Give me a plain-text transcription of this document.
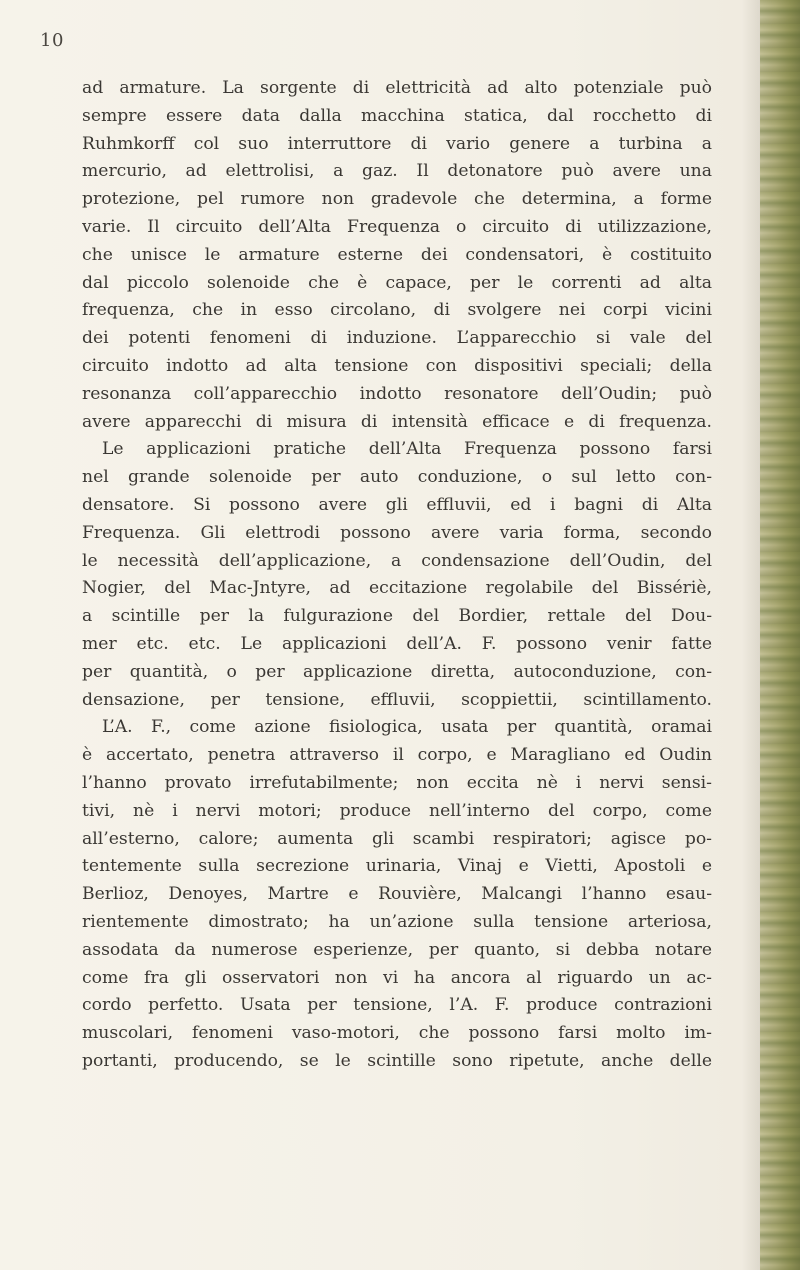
10
ad armature. La sorgente di elettricità ad alto potenziale può
sempre essere data dalla macchina statica, dal rocchetto di
Ruhmkorff col suo interruttore di vario genere a turbina a
mercurio, ad elettrolisi, a gaz. Il detonatore può avere una
protezione, pel rumore non gradevole che determina, a forme
varie. Il circuito dell’Alta Frequenza o circuito di utilizzazione,
che unisce le armature esterne dei condensatori, è costituito
dal piccolo solenoide che è capace, per le correnti ad alta
frequenza, che in esso circolano, di svolgere nei corpi vicini
dei potenti fenomeni di induzione. L’apparecchio si vale del
circuito indotto ad alta tensione con dispositivi speciali; della
resonanza coll’apparecchio indotto resonatore dell’Oudin; può
avere apparecchi di misura di intensità efficace e di frequenza.
Le applicazioni pratiche dell’Alta Frequenza possono farsi
nel grande solenoide per auto conduzione, o sul letto con-
densatore. Si possono avere gli effluvii, ed i bagni di Alta
Frequenza. Gli elettrodi possono avere varia forma, secondo
le necessità dell’applicazione, a condensazione dell’Oudin, del
Nogier, del Mac-Jntyre, ad eccitazione regolabile del Bissériè,
a scintille per la fulgurazione del Bordier, rettale del Dou-
mer etc. etc. Le applicazioni dell’A. F. possono venir fatte
per quantità, o per applicazione diretta, autoconduzione, con-
densazione, per tensione, effluvii, scoppiettii, scintillamento.
L’A. F., come azione fisiologica, usata per quantità, oramai
è accertato, penetra attraverso il corpo, e Maragliano ed Oudin
l’hanno provato irrefutabilmente; non eccita nè i nervi sensi-
tivi, nè i nervi motori; produce nell’interno del corpo, come
all’esterno, calore; aumenta gli scambi respiratori; agisce po-
tentemente sulla secrezione urinaria, Vinaj e Vietti, Apostoli e
Berlioz, Denoyes, Martre e Rouvière, Malcangi l’hanno esau-
rientemente dimostrato; ha un’azione sulla tensione arteriosa,
assodata da numerose esperienze, per quanto, si debba notare
come fra gli osservatori non vi ha ancora al riguardo un ac-
cordo perfetto. Usata per tensione, l’A. F. produce contrazioni
muscolari, fenomeni vaso-motori, che possono farsi molto im-
portanti, producendo, se le scintille sono ripetute, anche delle
